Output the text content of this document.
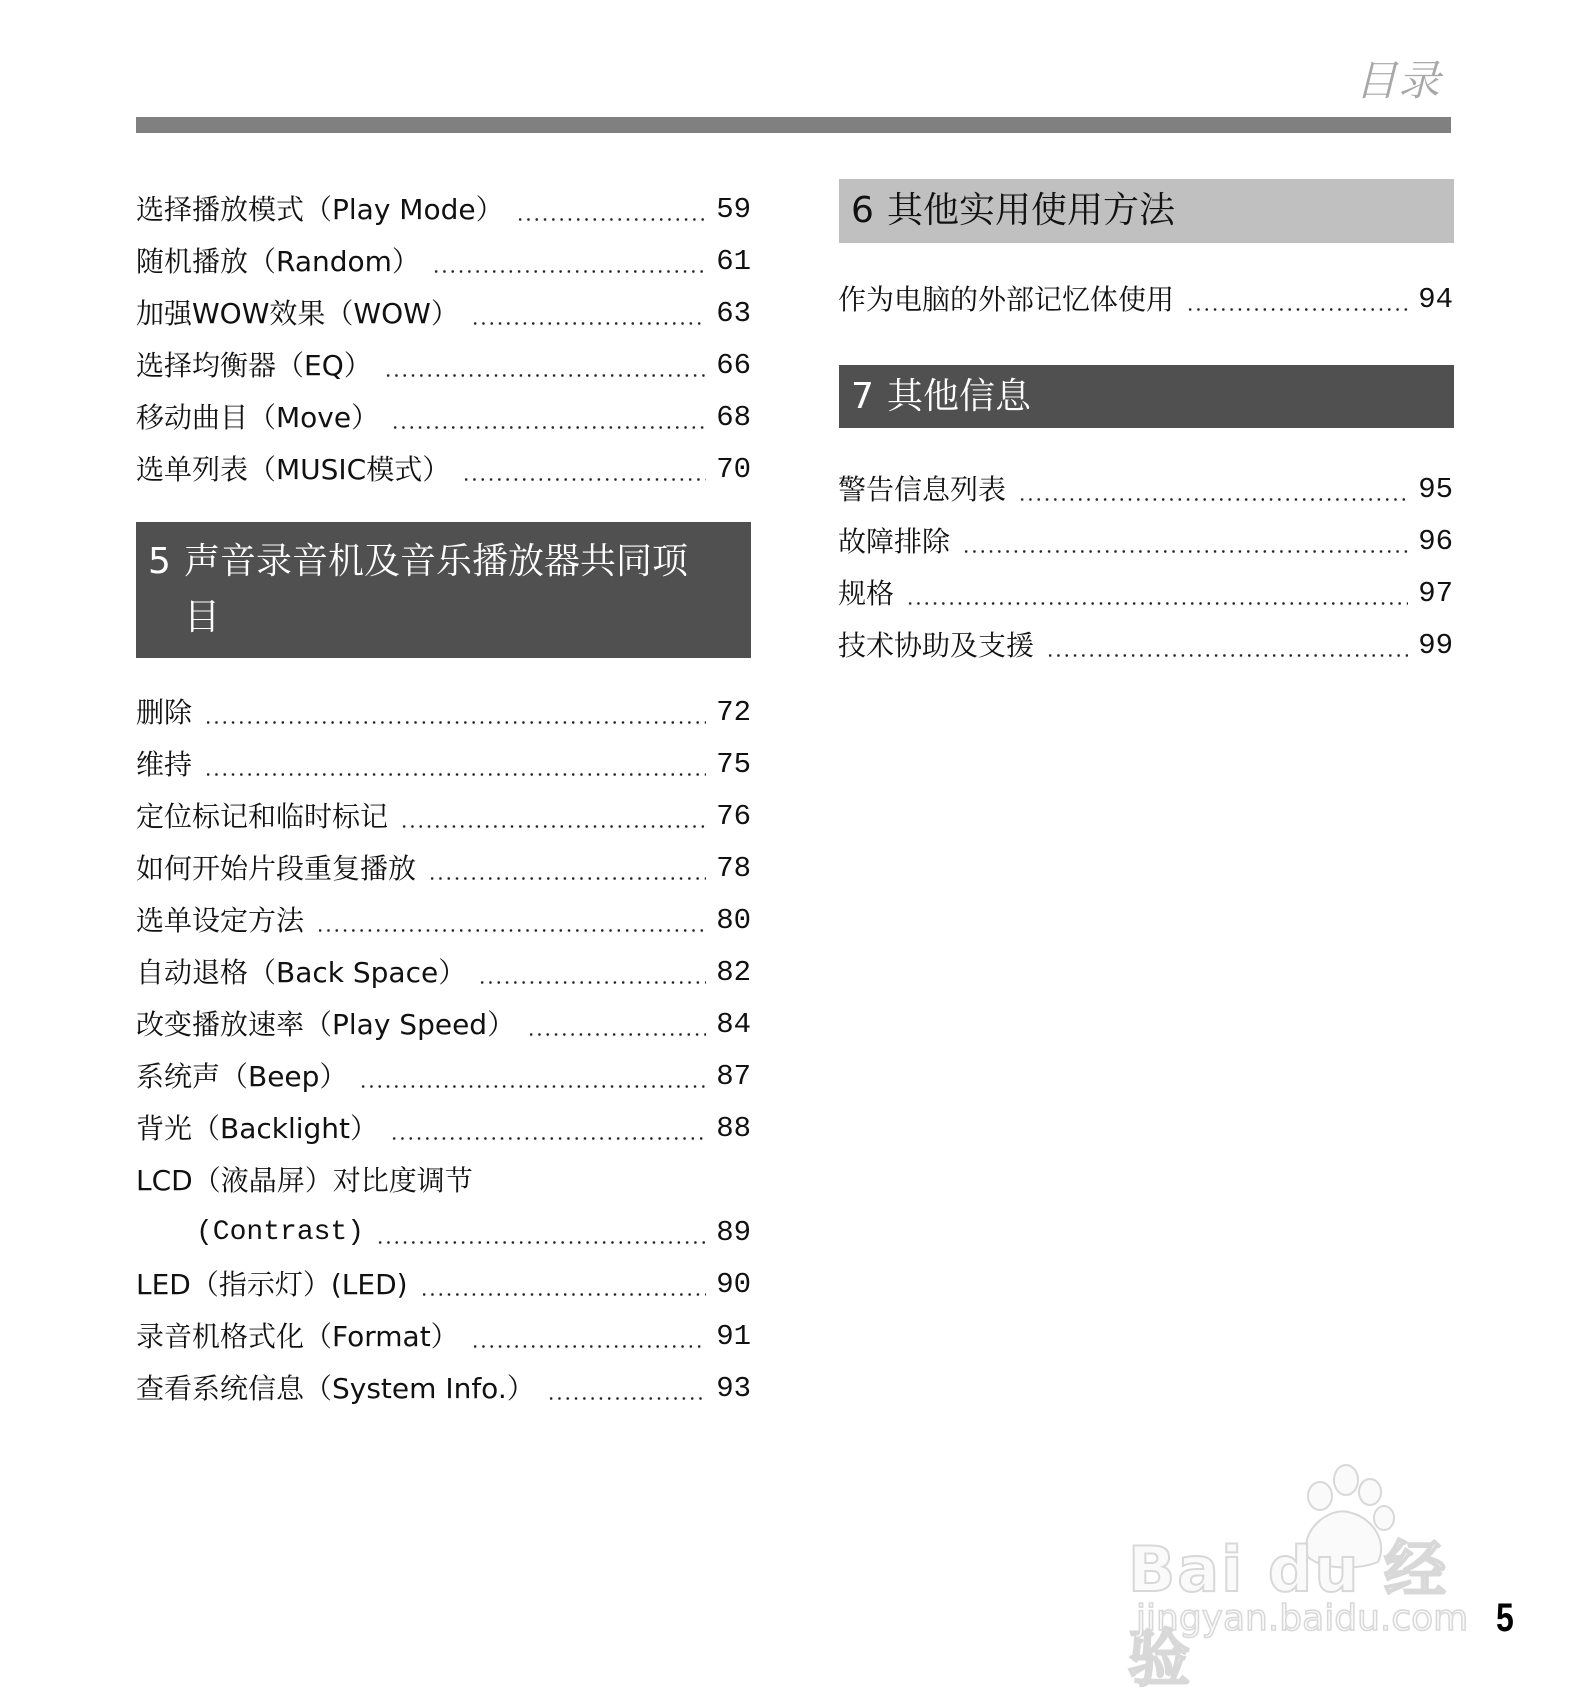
目录
选择播放模式（Play Mode）	59
随机播放（Random）	61
加强WOW效果（WOW）	63
选择均衡器（EQ）	66
移动曲目（Move）	68
选单列表（MUSIC模式）	70
5 声音录音机及音乐播放器共同项
目
删除	72
维持	75
定位标记和临时标记	76
如何开始片段重复播放	78
选单设定方法	80
自动退格（Back Space）	82
改变播放速率（Play Speed）	84
系统声（Beep）	87
背光（Backlight）	88
LCD（液晶屏）对比度调节
(Contrast)	89
LED（指示灯）(LED)	90
录音机格式化（Format）	91
查看系统信息（System Info.）	93
6 其他实用使用方法
作为电脑的外部记忆体使用	94
7 其他信息
警告信息列表	95
故障排除	96
规格	97
技术协助及支援	99
Bai du 经验
jingyan.baidu.com 5
